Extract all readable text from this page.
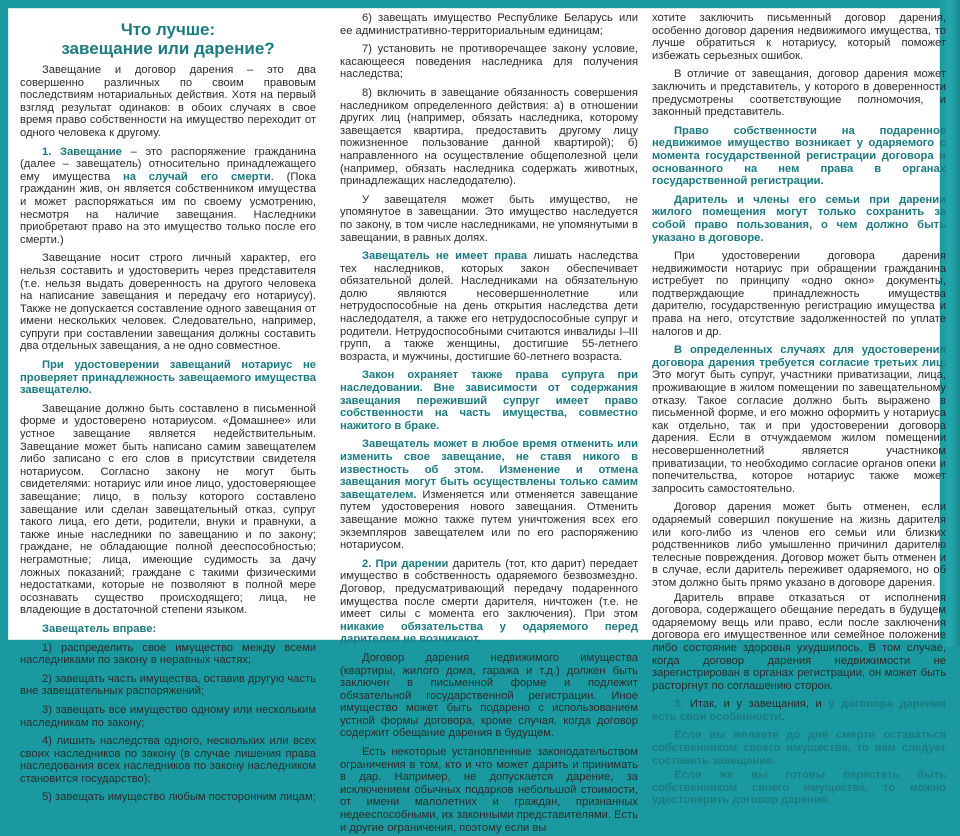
Что лучше:
завещание или дарение?

Завещание и договор дарения – это два совершенно различных по своим правовым последствиям нотариальных действия. Хотя на первый взгляд результат одинаков: в обоих случаях в свое время право собственности на имущество переходит от одного человека к другому.

1. Завещание – это распоряжение гражданина (далее – завещатель) относительно принадлежащего ему имущества на случай его смерти. (Пока гражданин жив, он является собственником имущества и может распоряжаться им по своему усмотрению, несмотря на наличие завещания. Наследники приобретают право на это имущество только после его смерти.)

Завещание носит строго личный характер, его нельзя составить и удостоверить через представителя (т.е. нельзя выдать доверенность на другого человека на написание завещания и передачу его нотариусу). Также не допускается составление одного завещания от имени нескольких человек. Следовательно, например, супруги при составлении завещания должны составить два отдельных завещания, а не одно совместное.

При удостоверении завещаний нотариус не проверяет принадлежность завещаемого имущества завещателю.

Завещание должно быть составлено в письменной форме и удостоверено нотариусом. «Домашнее» или устное завещание является недействительным. Завещание может быть написано самим завещателем либо записано с его слов в присутствии свидетеля нотариусом. Согласно закону не могут быть свидетелями: нотариус или иное лицо, удостоверяющее завещание; лицо, в пользу которого составлено завещание или сделан завещательный отказ, супруг такого лица, его дети, родители, внуки и правнуки, а также иные наследники по завещанию и по закону; граждане, не обладающие полной дееспособностью; неграмотные; лица, имеющие судимость за дачу ложных показаний; граждане с такими физическими недостатками, которые не позволяют в полной мере осознавать существо происходящего; лица, не владеющие в достаточной степени языком.

Завещатель вправе:

1) распределить свое имущество между всеми наследниками по закону в неравных частях;

2) завещать часть имущества, оставив другую часть вне завещательных распоряжений;

3) завещать все имущество одному или нескольким наследникам по закону;

4) лишить наследства одного, нескольких или всех своих наследников по закону (в случае лишения права наследования всех наследников по закону наследником становится государство);

5) завещать имущество любым посторонним лицам;

6) завещать имущество Республике Беларусь или ее административно-территориальным единицам;

7) установить не противоречащее закону условие, касающееся поведения наследника для получения наследства;

8) включить в завещание обязанность совершения наследником определенного действия: а) в отношении других лиц (например, обязать наследника, которому завещается квартира, предоставить другому лицу пожизненное пользование данной квартирой); б) направленного на осуществление общеполезной цели (например, обязать наследника содержать животных, принадлежащих наследодателю).

У завещателя может быть имущество, не упомянутое в завещании. Это имущество наследуется по закону, в том числе наследниками, не упомянутыми в завещании, в равных долях.

Завещатель не имеет права лишать наследства тех наследников, которых закон обеспечивает обязательной долей. Наследниками на обязательную долю являются несовершеннолетние или нетрудоспособные на день открытия наследства дети наследодателя, а также его нетрудоспособные супруг и родители. Нетрудоспособными считаются инвалиды I–III групп, а также женщины, достигшие 55-летнего возраста, и мужчины, достигшие 60-летнего возраста.

Закон охраняет также права супруга при наследовании. Вне зависимости от содержания завещания переживший супруг имеет право собственности на часть имущества, совместно нажитого в браке.

Завещатель может в любое время отменить или изменить свое завещание, не ставя никого в известность об этом. Изменение и отмена завещания могут быть осуществлены только самим завещателем. Изменяется или отменяется завещание путем удостоверения нового завещания. Отменить завещание можно также путем уничтожения всех его экземпляров завещателем или по его распоряжению нотариусом.

2. При дарении даритель (тот, кто дарит) передает имущество в собственность одаряемого безвозмездно. Договор, предусматривающий передачу подаренного имущества после смерти дарителя, ничтожен (т.е. не имеет силы с момента его заключения). При этом никакие обязательства у одаряемого перед дарителем не возникают.

Договор дарения недвижимого имущества (квартиры, жилого дома, гаража и т.д.) должен быть заключен в письменной форме и подлежит обязательной государственной регистрации. Иное имущество может быть подарено с использованием устной формы договора, кроме случая, когда договор содержит обещание дарения в будущем.

Есть некоторые установленные законодательством ограничения в том, кто и что может дарить и принимать в дар. Например, не допускается дарение, за исключением обычных подарков небольшой стоимости, от имени малолетних и граждан, признанных недееспособными, их законными представителями. Есть и другие ограничения, поэтому если вы

хотите заключить письменный договор дарения, особенно договор дарения недвижимого имущества, то лучше обратиться к нотариусу, который поможет избежать серьезных ошибок.

В отличие от завещания, договор дарения может заключить и представитель, у которого в доверенности предусмотрены соответствующие полномочия, и законный представитель.

Право собственности на подаренное недвижимое имущество возникает у одаряемого с момента государственной регистрации договора и основанного на нем права в органах государственной регистрации.

Даритель и члены его семьи при дарении жилого помещения могут только сохранить за собой право пользования, о чем должно быть указано в договоре.

При удостоверении договора дарения недвижимости нотариус при обращении гражданина истребует по принципу «одно окно» документы, подтверждающие принадлежность имущества дарителю, государственную регистрацию имущества и права на него, отсутствие задолженностей по уплате налогов и др.

В определенных случаях для удостоверения договора дарения требуется согласие третьих лиц. Это могут быть супруг, участники приватизации, лица, проживающие в жилом помещении по завещательному отказу. Такое согласие должно быть выражено в письменной форме, и его можно оформить у нотариуса как отдельно, так и при удостоверении договора дарения. Если в отчуждаемом жилом помещении несовершеннолетний является участником приватизации, то необходимо согласие органов опеки и попечительства, которое нотариус также может запросить самостоятельно.

Договор дарения может быть отменен, если одаряемый совершил покушение на жизнь дарителя или кого-либо из членов его семьи или близких родственников либо умышленно причинил дарителю телесные повреждения. Договор может быть отменен и в случае, если даритель переживет одаряемого, но об этом должно быть прямо указано в договоре дарения.

Даритель вправе отказаться от исполнения договора, содержащего обещание передать в будущем одаряемому вещь или право, если после заключения договора его имущественное или семейное положение либо состояние здоровья ухудшилось. В том случае, когда договор дарения недвижимости не зарегистрирован в органах регистрации, он может быть расторгнут по соглашению сторон.

3. Итак, и у завещания, и у договора дарения есть свои особенности.

Если вы желаете до дня смерти оставаться собственником своего имущества, то вам следует составить завещание.

Если же вы готовы перестать быть собственником своего имущества, то можно удостоверить договор дарения.
